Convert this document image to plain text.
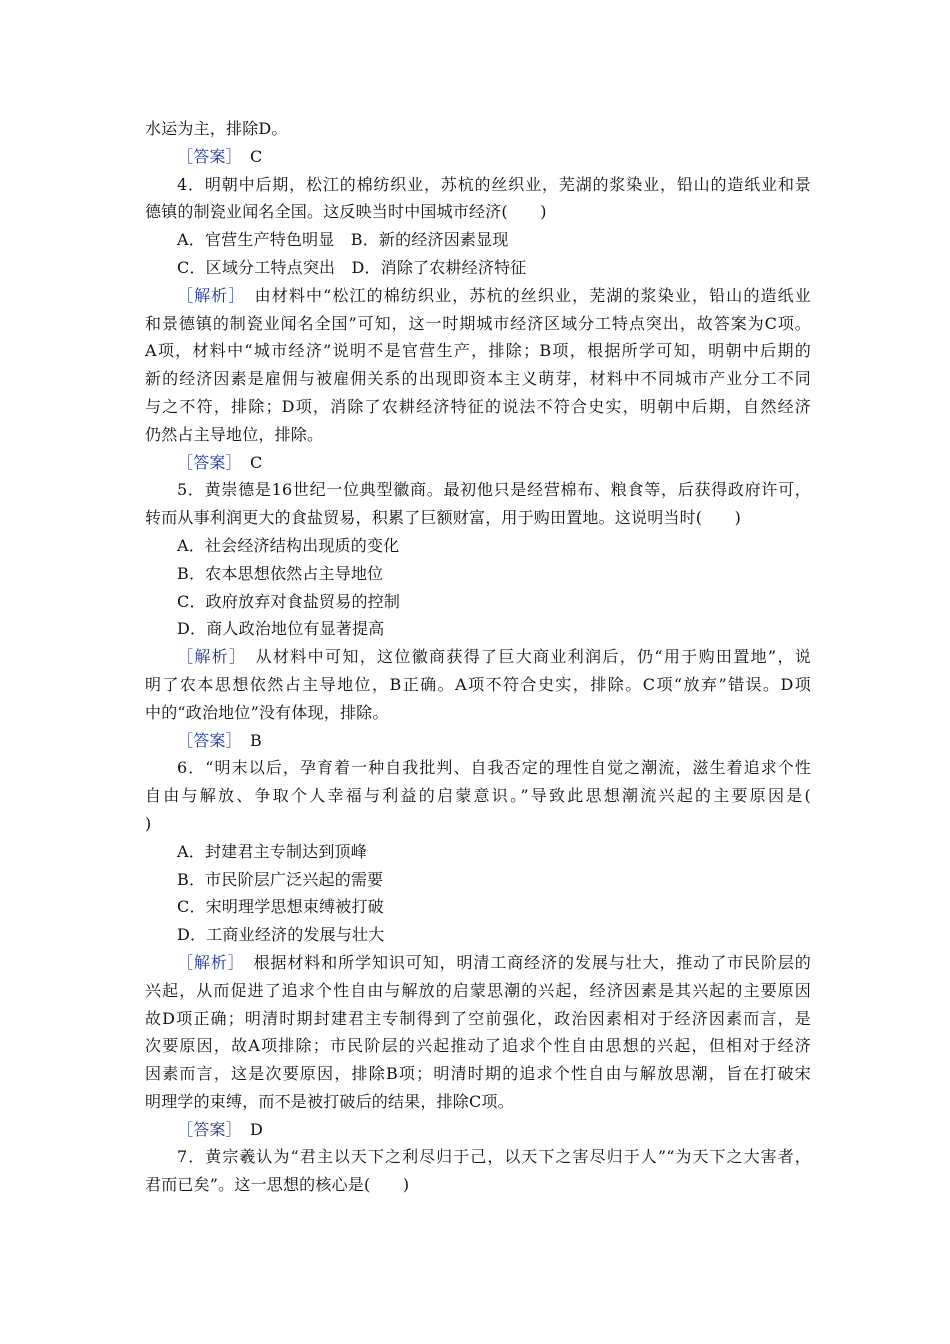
水运为主，排除D。
［答案］　 C
4．明朝中后期，松江的棉纺织业，苏杭的丝织业，芜湖的浆染业，铅山的造纸业和景
德镇的制瓷业闻名全国。这反映当时中国城市经济(　　)
A．官营生产特色明显　B．新的经济因素显现
C．区域分工特点突出　D．消除了农耕经济特征
［解析］　由材料中“松江的棉纺织业，苏杭的丝织业，芜湖的浆染业，铅山的造纸业
和景德镇的制瓷业闻名全国”可知，这一时期城市经济区域分工特点突出，故答案为C项。
A项，材料中“城市经济”说明不是官营生产，排除；B项，根据所学可知，明朝中后期的
新的经济因素是雇佣与被雇佣关系的出现即资本主义萌芽，材料中不同城市产业分工不同
与之不符，排除；D项，消除了农耕经济特征的说法不符合史实，明朝中后期，自然经济
仍然占主导地位，排除。
［答案］　 C
5．黄崇德是16世纪一位典型徽商。最初他只是经营棉布、粮食等，后获得政府许可，
转而从事利润更大的食盐贸易，积累了巨额财富，用于购田置地。这说明当时(　　)
A．社会经济结构出现质的变化
B．农本思想依然占主导地位
C．政府放弃对食盐贸易的控制
D．商人政治地位有显著提高
［解析］　从材料中可知，这位徽商获得了巨大商业利润后，仍“用于购田置地”，说
明了农本思想依然占主导地位，B正确。A项不符合史实，排除。C项“放弃”错误。D项
中的“政治地位”没有体现，排除。
［答案］　 B
6．“明末以后，孕育着一种自我批判、自我否定的理性自觉之潮流，滋生着追求个性
自由与解放、争取个人幸福与利益的启蒙意识。”导致此思想潮流兴起的主要原因是(
)
A．封建君主专制达到顶峰
B．市民阶层广泛兴起的需要
C．宋明理学思想束缚被打破
D．工商业经济的发展与壮大
［解析］　根据材料和所学知识可知，明清工商经济的发展与壮大，推动了市民阶层的
兴起，从而促进了追求个性自由与解放的启蒙思潮的兴起，经济因素是其兴起的主要原因
故D项正确；明清时期封建君主专制得到了空前强化，政治因素相对于经济因素而言，是
次要原因，故A项排除；市民阶层的兴起推动了追求个性自由思想的兴起，但相对于经济
因素而言，这是次要原因，排除B项；明清时期的追求个性自由与解放思潮，旨在打破宋
明理学的束缚，而不是被打破后的结果，排除C项。
［答案］　 D
7．黄宗羲认为“君主以天下之利尽归于己，以天下之害尽归于人”“为天下之大害者，
君而已矣”。这一思想的核心是(　　)
